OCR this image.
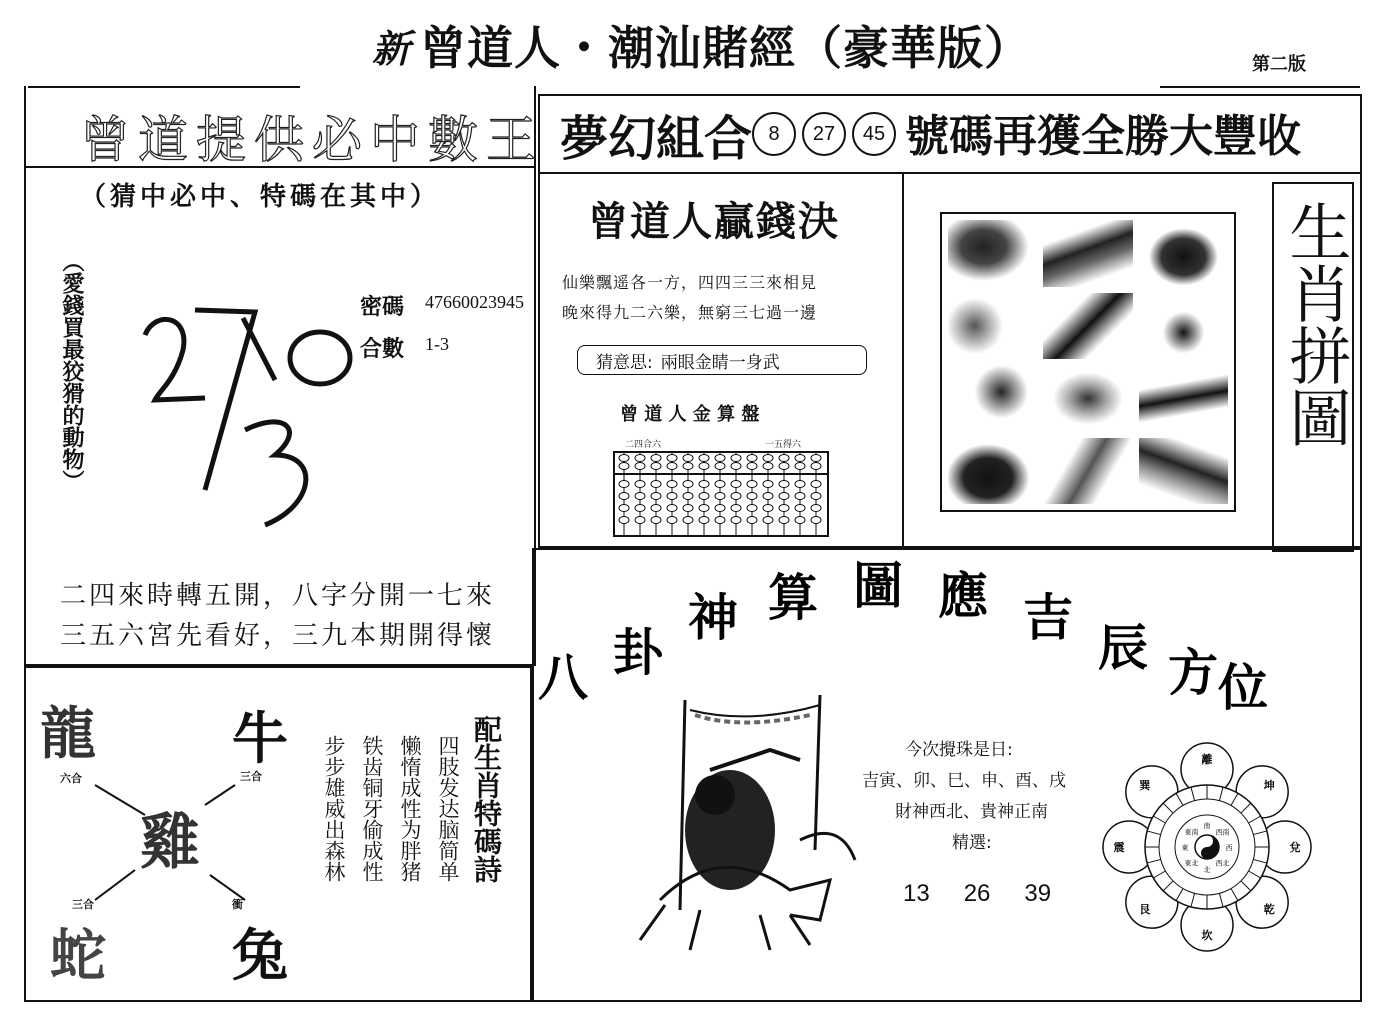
新 曾道人・潮汕賭經（豪華版）	第二版
曾道提供必中數王
（猜中必中、特碼在其中）
（愛錢買最狡猾的動物）	密碼 47660023945
合數 1-3
二四來時轉五開，八字分開一七來
三五六宮先看好，三九本期開得懷
夢幻組合 8	27	45 號碼再獲全勝大豐收
曾道人贏錢決
仙樂飄遥各一方，四四三三來相見
晚來得九二六樂，無窮三七過一邊
猜意思: 兩眼金睛一身武
曾 道 人 金 算 盤
二四合六	一五得六	生肖拼圖
龍 牛
雞
蛇 兔
六合	三合
三合	衝
配生肖特碼詩
四肢发达脑简单
懒惰成性为胖猪
铁齿铜牙偷成性
步步雄威出森林
八 卦
神 算 圖 應 吉
辰 方 位
今次攪珠是日:
吉寅、卯、巳、申、酉、戌
財神西北、貴神正南
精選:
13 26 39
坎
艮
震
巽
離
坤
兌
乾
北
東北
東
東南
南
西南
西
西北
